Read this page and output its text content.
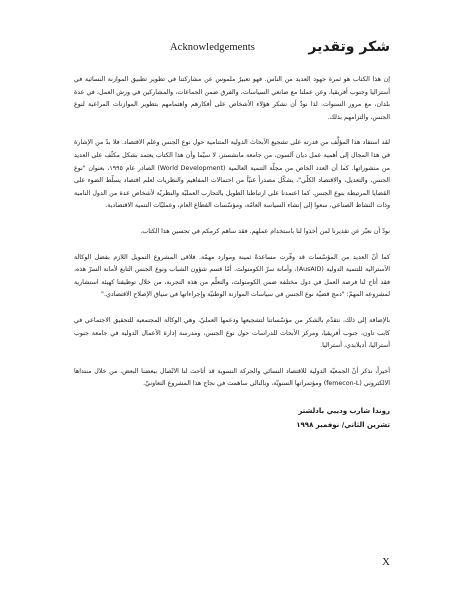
Acknowledgements	شكر وتقدير

إن هذا الكتاب هو ثمرة جهود العديد من الناس. فهو تعبيرٌ ملموس عن مشاركتنا في تطوير تطبيق الموازنة النسائية في أستراليا وجنوب أفريقيا، وعن عملنا مع صانعي السياسات، والفرق ضمن الجماعات، والمشاركين في ورش العمل، في عدة بلدان، مع مرور السنوات. لذا نودّ أن نشكر هؤلاء الأشخاص على أفكارهم واهتمامهم بتطوير الموازنات المراعية لنوع الجنس، والتزامهم بذلك.

لقد استفاد هذا المؤلَّف من قدرته على تشجيع الأبحاث الدولية المتنامية حول نوع الجنس وعلم الاقتصاد. فلا بدّ من الإشارة في هذا المجال إلى أهمية عمل ديان آلسون، من جامعة مانشستر، لا سيّما وأن هذا الكتاب يعتمد بشكل مكثّف على العديد من منشوراتها. كما أن العدد الخاص من مجلّة التنمية العالمية (World Development) الصادر عام ١٩٩٥، بعنوان "نوع الجنس، والتعديل، والاقتصاد الكلّي"، يشكّل مصدراً غنيّاً من احتمالات المفاهيم والنظريات لعلم اقتصاد يسلّط الضوء على القضايا المرتبطة بنوع الجنس. كما اعتمدنا على ارتباطنا الطويل بالتجارب العمليّة والنظريّة لأشخاص عدة من الدول النامية وذات النشاط الصناعي، سعوا إلى إنشاء السياسة العامّة، ومؤسّسات القطاع العام، وعمليّات التنمية الاقتصادية.

نودّ أن نعبّر عن تقديرنا لمن أخذوا لنا باستخدام عملهم. فقد ساهم كرمكم في تحسين هذا الكتاب.

كما أنّ العديد من المؤسّسات قد وفّرت مساعدةً ثمينة وموارد مهمّة. فلاقى المشروع التمويل اللازم بفضل الوكالة الأسترالية للتنمية الدولية (AusAID)، وأمانة سرّ الكومنولث. أمّا قسم شؤون الشباب ونوع الجنس التابع لأمانة السرّ هذه، فقد أتاح لنا فرصة العمل في دول مختلفة ضمن الكومنولث، والتعلّم من هذه التجربة، من خلال توظيفنا كهيئة استشارية لمشروعه المهمّ: "دمج قضيّة نوع الجنس في سياسات الموازنة الوطنيّة وإجراءاتها في سياق الإصلاح الاقتصادي."

بالإضافة إلى ذلك، نتقدّم بالشكر من مؤسّساتنا لتشجيعها ودعمها العمليّ، وهي الوكالة المجتمعية للتحقيق الاجتماعي في كابب تاون، جنوب أفريقيا، ومركز الأبحاث للدراسات حول نوع الجنس، ومدرسة إدارة الأعمال الدولية في جامعة جنوب أستراليا، أديلايدي، أستراليا.

أخيراً، نذكر أنّ الجمعيّة الدولية للاقتصاد النسائي والحركة النسوية قد أتاحت لنا الاتّصال ببعضنا البعض، من خلال منتداها الالكتروني (femecon-L) ومؤتمراتها السنويّة، وبالتالي ساهمت في نجاح هذا المشروع التعاونيّ.

روندا شارب وديبي بادلشتر
تشرين الثاني/ نوفمبر ١٩٩٨
X
